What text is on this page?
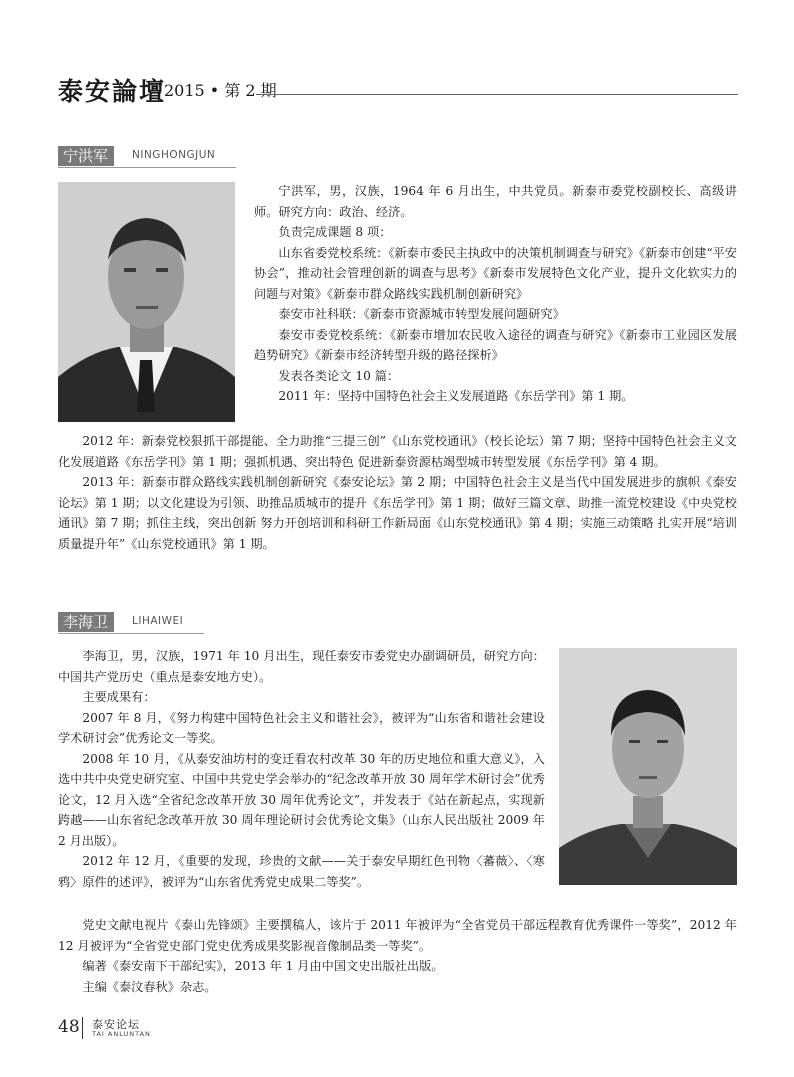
泰安論壇
2015 • 第 2 期
宁洪军	NINGHONGJUN

宁洪军，男，汉族，1964 年 6 月出生，中共党员。新泰市委党校副校长、高级讲师。研究方向：政治、经济。

负责完成课题 8 项：

山东省委党校系统：《新泰市委民主执政中的决策机制调查与研究》《新泰市创建“平安协会”，推动社会管理创新的调查与思考》《新泰市发展特色文化产业，提升文化软实力的问题与对策》《新泰市群众路线实践机制创新研究》

泰安市社科联：《新泰市资源城市转型发展问题研究》

泰安市委党校系统：《新泰市增加农民收入途径的调查与研究》《新泰市工业园区发展趋势研究》《新泰市经济转型升级的路径探析》

发表各类论文 10 篇：

2011 年：坚持中国特色社会主义发展道路《东岳学刊》第 1 期。

2012 年：新泰党校狠抓干部提能、全力助推“三提三创”《山东党校通讯》（校长论坛）第 7 期；坚持中国特色社会主义文化发展道路《东岳学刊》第 1 期；强抓机遇、突出特色 促进新泰资源枯竭型城市转型发展《东岳学刊》第 4 期。

2013 年：新泰市群众路线实践机制创新研究《泰安论坛》第 2 期；中国特色社会主义是当代中国发展进步的旗帜《泰安论坛》第 1 期；以文化建设为引领、助推品质城市的提升《东岳学刊》第 1 期；做好三篇文章、助推一流党校建设《中央党校通讯》第 7 期；抓住主线，突出创新 努力开创培训和科研工作新局面《山东党校通讯》第 4 期；实施三动策略 扎实开展“培训质量提升年”《山东党校通讯》第 1 期。

李海卫	LIHAIWEI

李海卫，男，汉族，1971 年 10 月出生，现任泰安市委党史办副调研员，研究方向：中国共产党历史（重点是泰安地方史）。

主要成果有：

2007 年 8 月，《努力构建中国特色社会主义和谐社会》，被评为“山东省和谐社会建设学术研讨会”优秀论文一等奖。

2008 年 10 月，《从泰安油坊村的变迁看农村改革 30 年的历史地位和重大意义》，入选中共中央党史研究室、中国中共党史学会举办的“纪念改革开放 30 周年学术研讨会”优秀论文，12 月入选“全省纪念改革开放 30 周年优秀论文”，并发表于《站在新起点，实现新跨越——山东省纪念改革开放 30 周年理论研讨会优秀论文集》（山东人民出版社 2009 年 2 月出版）。

2012 年 12 月，《重要的发现，珍贵的文献——关于泰安早期红色刊物〈蕃薇〉、〈寒鸦〉原件的述评》，被评为“山东省优秀党史成果二等奖”。

党史文献电视片《泰山先锋颂》主要撰稿人，该片于 2011 年被评为“全省党员干部远程教育优秀课件一等奖”，2012 年 12 月被评为“全省党史部门党史优秀成果奖影视音像制品类一等奖”。

编著《泰安南下干部纪实》，2013 年 1 月由中国文史出版社出版。

主编《泰汶春秋》杂志。

48 泰安论坛
TAI ANLUNTAN
